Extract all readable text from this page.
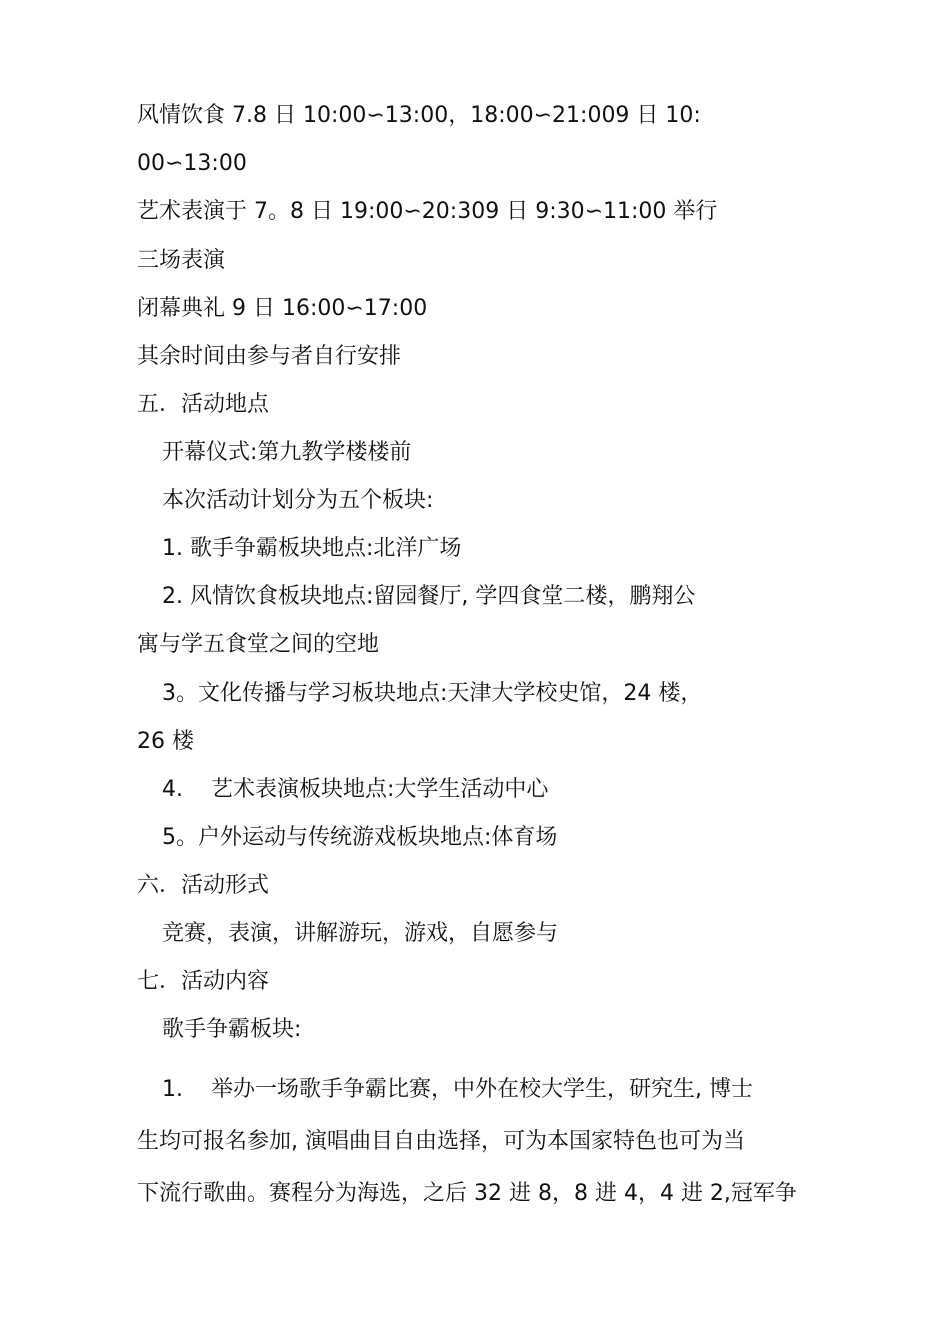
风情饮食 7.8 日 10:00∽13:00，18:00∽21:009 日 10:
00∽13:00
艺术表演于 7。8 日 19:00∽20:309 日 9:30∽11:00 举行
三场表演
闭幕典礼 9 日 16:00∽17:00
其余时间由参与者自行安排
五．活动地点
开幕仪式:第九教学楼楼前
本次活动计划分为五个板块:
1. 歌手争霸板块地点:北洋广场
2. 风情饮食板块地点:留园餐厅, 学四食堂二楼，鹏翔公
寓与学五食堂之间的空地
3。文化传播与学习板块地点:天津大学校史馆，24 楼，
26 楼
4.    艺术表演板块地点:大学生活动中心
5。户外运动与传统游戏板块地点:体育场
六．活动形式
竞赛，表演，讲解游玩，游戏，自愿参与
七．活动内容
歌手争霸板块:
1.    举办一场歌手争霸比赛，中外在校大学生，研究生, 博士
生均可报名参加, 演唱曲目自由选择，可为本国家特色也可为当
下流行歌曲。赛程分为海选，之后 32 进 8，8 进 4，4 进 2,冠军争
